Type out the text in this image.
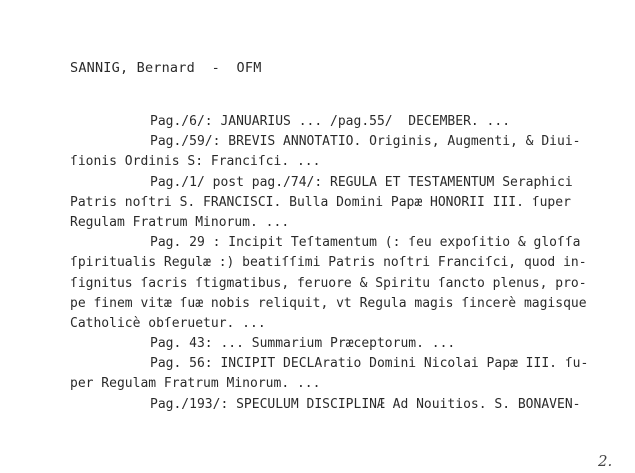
SANNIG, Bernard  -  OFM
Pag./6/: JANUARIUS ... /pag.55/  DECEMBER. ...
Pag./59/: BREVIS ANNOTATIO. Originis, Augmenti, & Diui-
ſionis Ordinis S: Franciſci. ...
Pag./1/ post pag./74/: REGULA ET TESTAMENTUM Seraphici
Patris noſtri S. FRANCISCI. Bulla Domini Papæ HONORII III. ſuper
Regulam Fratrum Minorum. ...
Pag. 29 : Incipit Teſtamentum (: ſeu expoſitio & gloſſa
ſpiritualis Regulæ :) beatiſſimi Patris noſtri Franciſci, quod in-
ſignitus ſacris ſtigmatibus, feruore & Spiritu ſancto plenus, pro-
pe finem vitæ ſuæ nobis reliquit, vt Regula magis ſincerè magisque
Catholicè obſeruetur. ...
Pag. 43: ... Summarium Præceptorum. ...
Pag. 56: INCIPIT DECLAratio Domini Nicolai Papæ III. ſu-
per Regulam Fratrum Minorum. ...
Pag./193/: SPECULUM DISCIPLINÆ Ad Nouitios. S. BONAVEN-
2.
